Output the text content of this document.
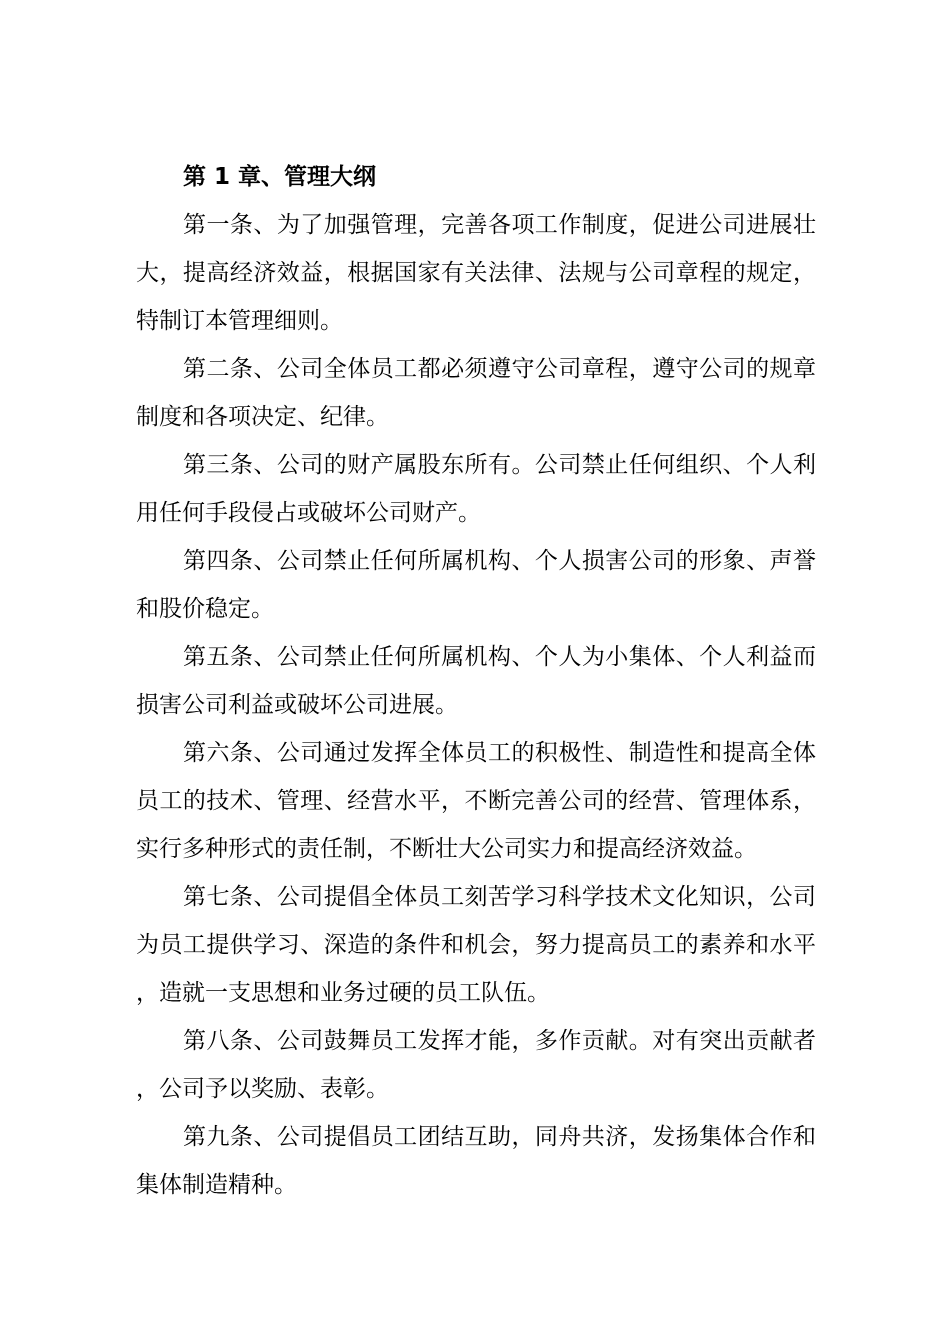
第 1 章、管理大纲

第一条、为了加强管理，完善各项工作制度，促进公司进展壮大，提高经济效益，根据国家有关法律、法规与公司章程的规定，特制订本管理细则。

第二条、公司全体员工都必须遵守公司章程，遵守公司的规章制度和各项决定、纪律。

第三条、公司的财产属股东所有。公司禁止任何组织、个人利用任何手段侵占或破坏公司财产。

第四条、公司禁止任何所属机构、个人损害公司的形象、声誉和股价稳定。

第五条、公司禁止任何所属机构、个人为小集体、个人利益而损害公司利益或破坏公司进展。

第六条、公司通过发挥全体员工的积极性、制造性和提高全体员工的技术、管理、经营水平，不断完善公司的经营、管理体系，实行多种形式的责任制，不断壮大公司实力和提高经济效益。

第七条、公司提倡全体员工刻苦学习科学技术文化知识，公司为员工提供学习、深造的条件和机会，努力提高员工的素养和水平，造就一支思想和业务过硬的员工队伍。

第八条、公司鼓舞员工发挥才能，多作贡献。对有突出贡献者，公司予以奖励、表彰。

第九条、公司提倡员工团结互助，同舟共济，发扬集体合作和集体制造精种。
